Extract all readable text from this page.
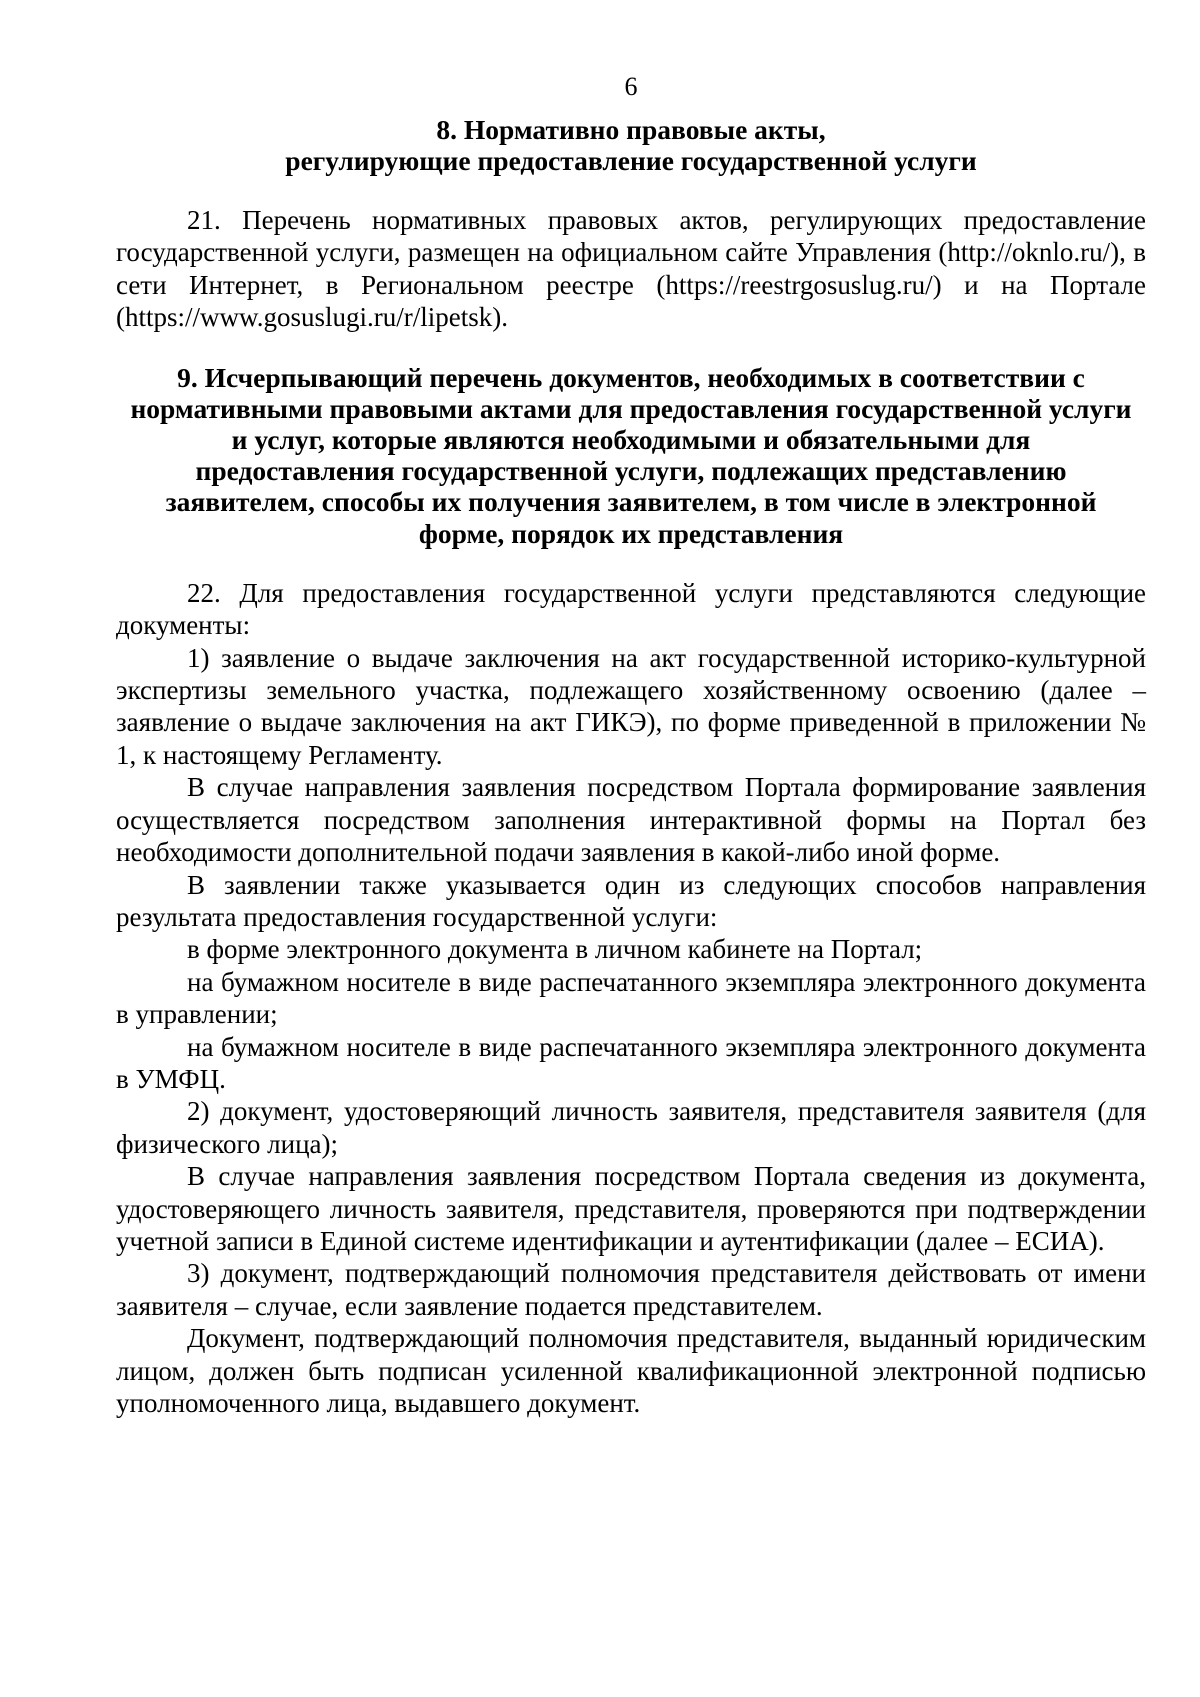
6
8. Нормативно правовые акты,
регулирующие предоставление государственной услуги

21. Перечень нормативных правовых актов, регулирующих предоставление государственной услуги, размещен на официальном сайте Управления (http://oknlo.ru/), в сети Интернет, в Региональном реестре (https://reestrgosuslug.ru/) и на Портале (https://www.gosuslugi.ru/r/lipetsk).

9. Исчерпывающий перечень документов, необходимых в соответствии с
нормативными правовыми актами для предоставления государственной услуги
и услуг, которые являются необходимыми и обязательными для
предоставления государственной услуги, подлежащих представлению
заявителем, способы их получения заявителем, в том числе в электронной
форме, порядок их представления

22. Для предоставления государственной услуги представляются следующие документы:

1) заявление о выдаче заключения на акт государственной историко-культурной экспертизы земельного участка, подлежащего хозяйственному освоению (далее – заявление о выдаче заключения на акт ГИКЭ), по форме приведенной в приложении № 1, к настоящему Регламенту.

В случае направления заявления посредством Портала формирование заявления осуществляется посредством заполнения интерактивной формы на Портал без необходимости дополнительной подачи заявления в какой-либо иной форме.

В заявлении также указывается один из следующих способов направления результата предоставления государственной услуги:

в форме электронного документа в личном кабинете на Портал;

на бумажном носителе в виде распечатанного экземпляра электронного документа в управлении;

на бумажном носителе в виде распечатанного экземпляра электронного документа в УМФЦ.

2) документ, удостоверяющий личность заявителя, представителя заявителя (для физического лица);

В случае направления заявления посредством Портала сведения из документа, удостоверяющего личность заявителя, представителя, проверяются при подтверждении учетной записи в Единой системе идентификации и аутентификации (далее – ЕСИА).

3) документ, подтверждающий полномочия представителя действовать от имени заявителя – случае, если заявление подается представителем.

Документ, подтверждающий полномочия представителя, выданный юридическим лицом, должен быть подписан усиленной квалификационной электронной подписью уполномоченного лица, выдавшего документ.
